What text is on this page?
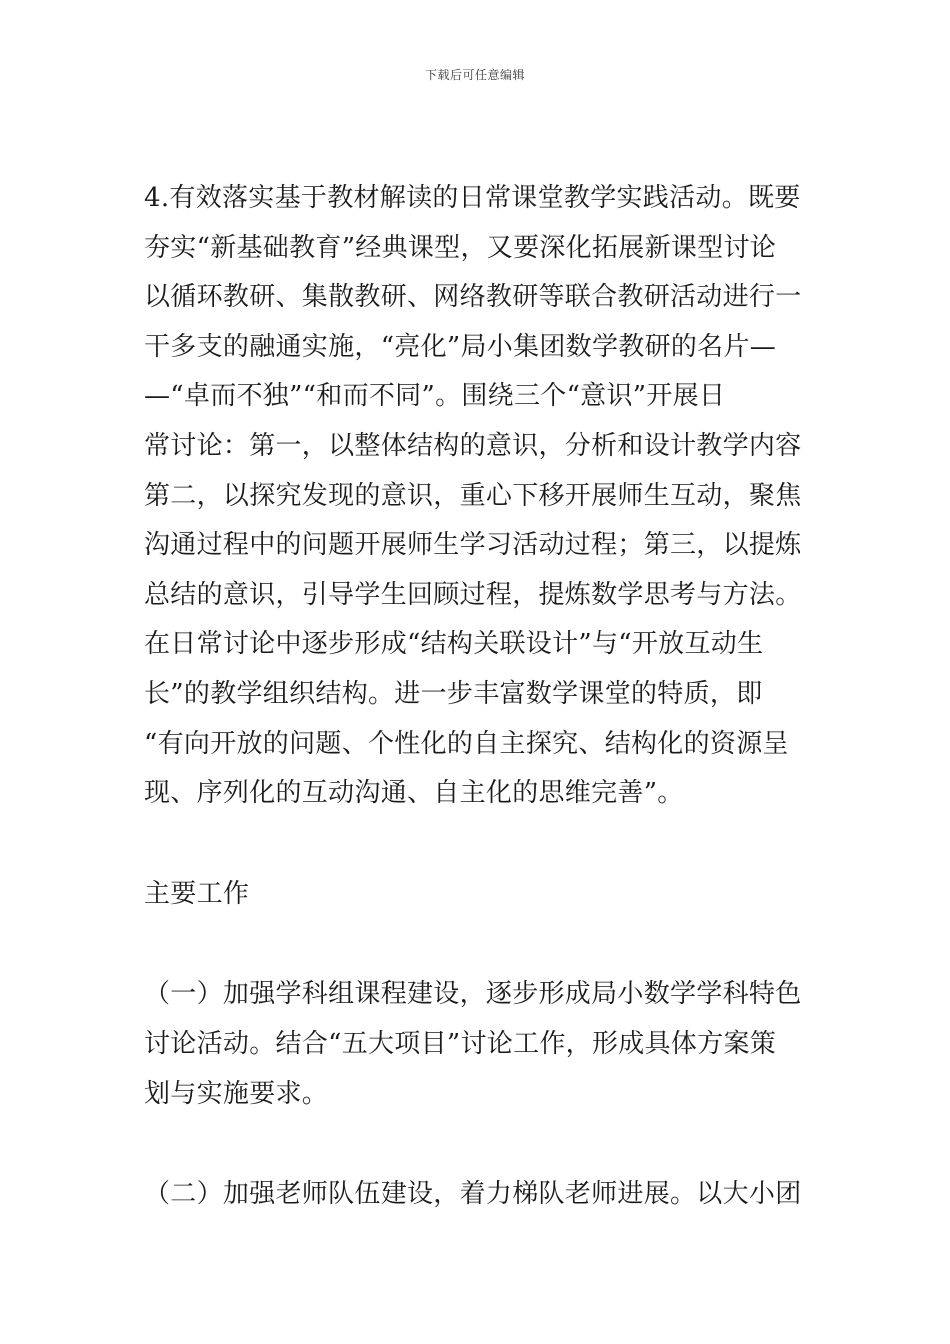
下载后可任意编辑
4.有效落实基于教材解读的日常课堂教学实践活动。既要
夯实“新基础教育”经典课型，又要深化拓展新课型讨论
以循环教研、集散教研、网络教研等联合教研活动进行一
干多支的融通实施，“亮化”局小集团数学教研的名片—
—“卓而不独”“和而不同”。围绕三个“意识”开展日
常讨论：第一，以整体结构的意识，分析和设计教学内容
第二，以探究发现的意识，重心下移开展师生互动，聚焦
沟通过程中的问题开展师生学习活动过程；第三，以提炼
总结的意识，引导学生回顾过程，提炼数学思考与方法。
在日常讨论中逐步形成“结构关联设计”与“开放互动生
长”的教学组织结构。进一步丰富数学课堂的特质，即
“有向开放的问题、个性化的自主探究、结构化的资源呈
现、序列化的互动沟通、自主化的思维完善”。
主要工作
（一）加强学科组课程建设，逐步形成局小数学学科特色
讨论活动。结合“五大项目”讨论工作，形成具体方案策
划与实施要求。
（二）加强老师队伍建设，着力梯队老师进展。以大小团
